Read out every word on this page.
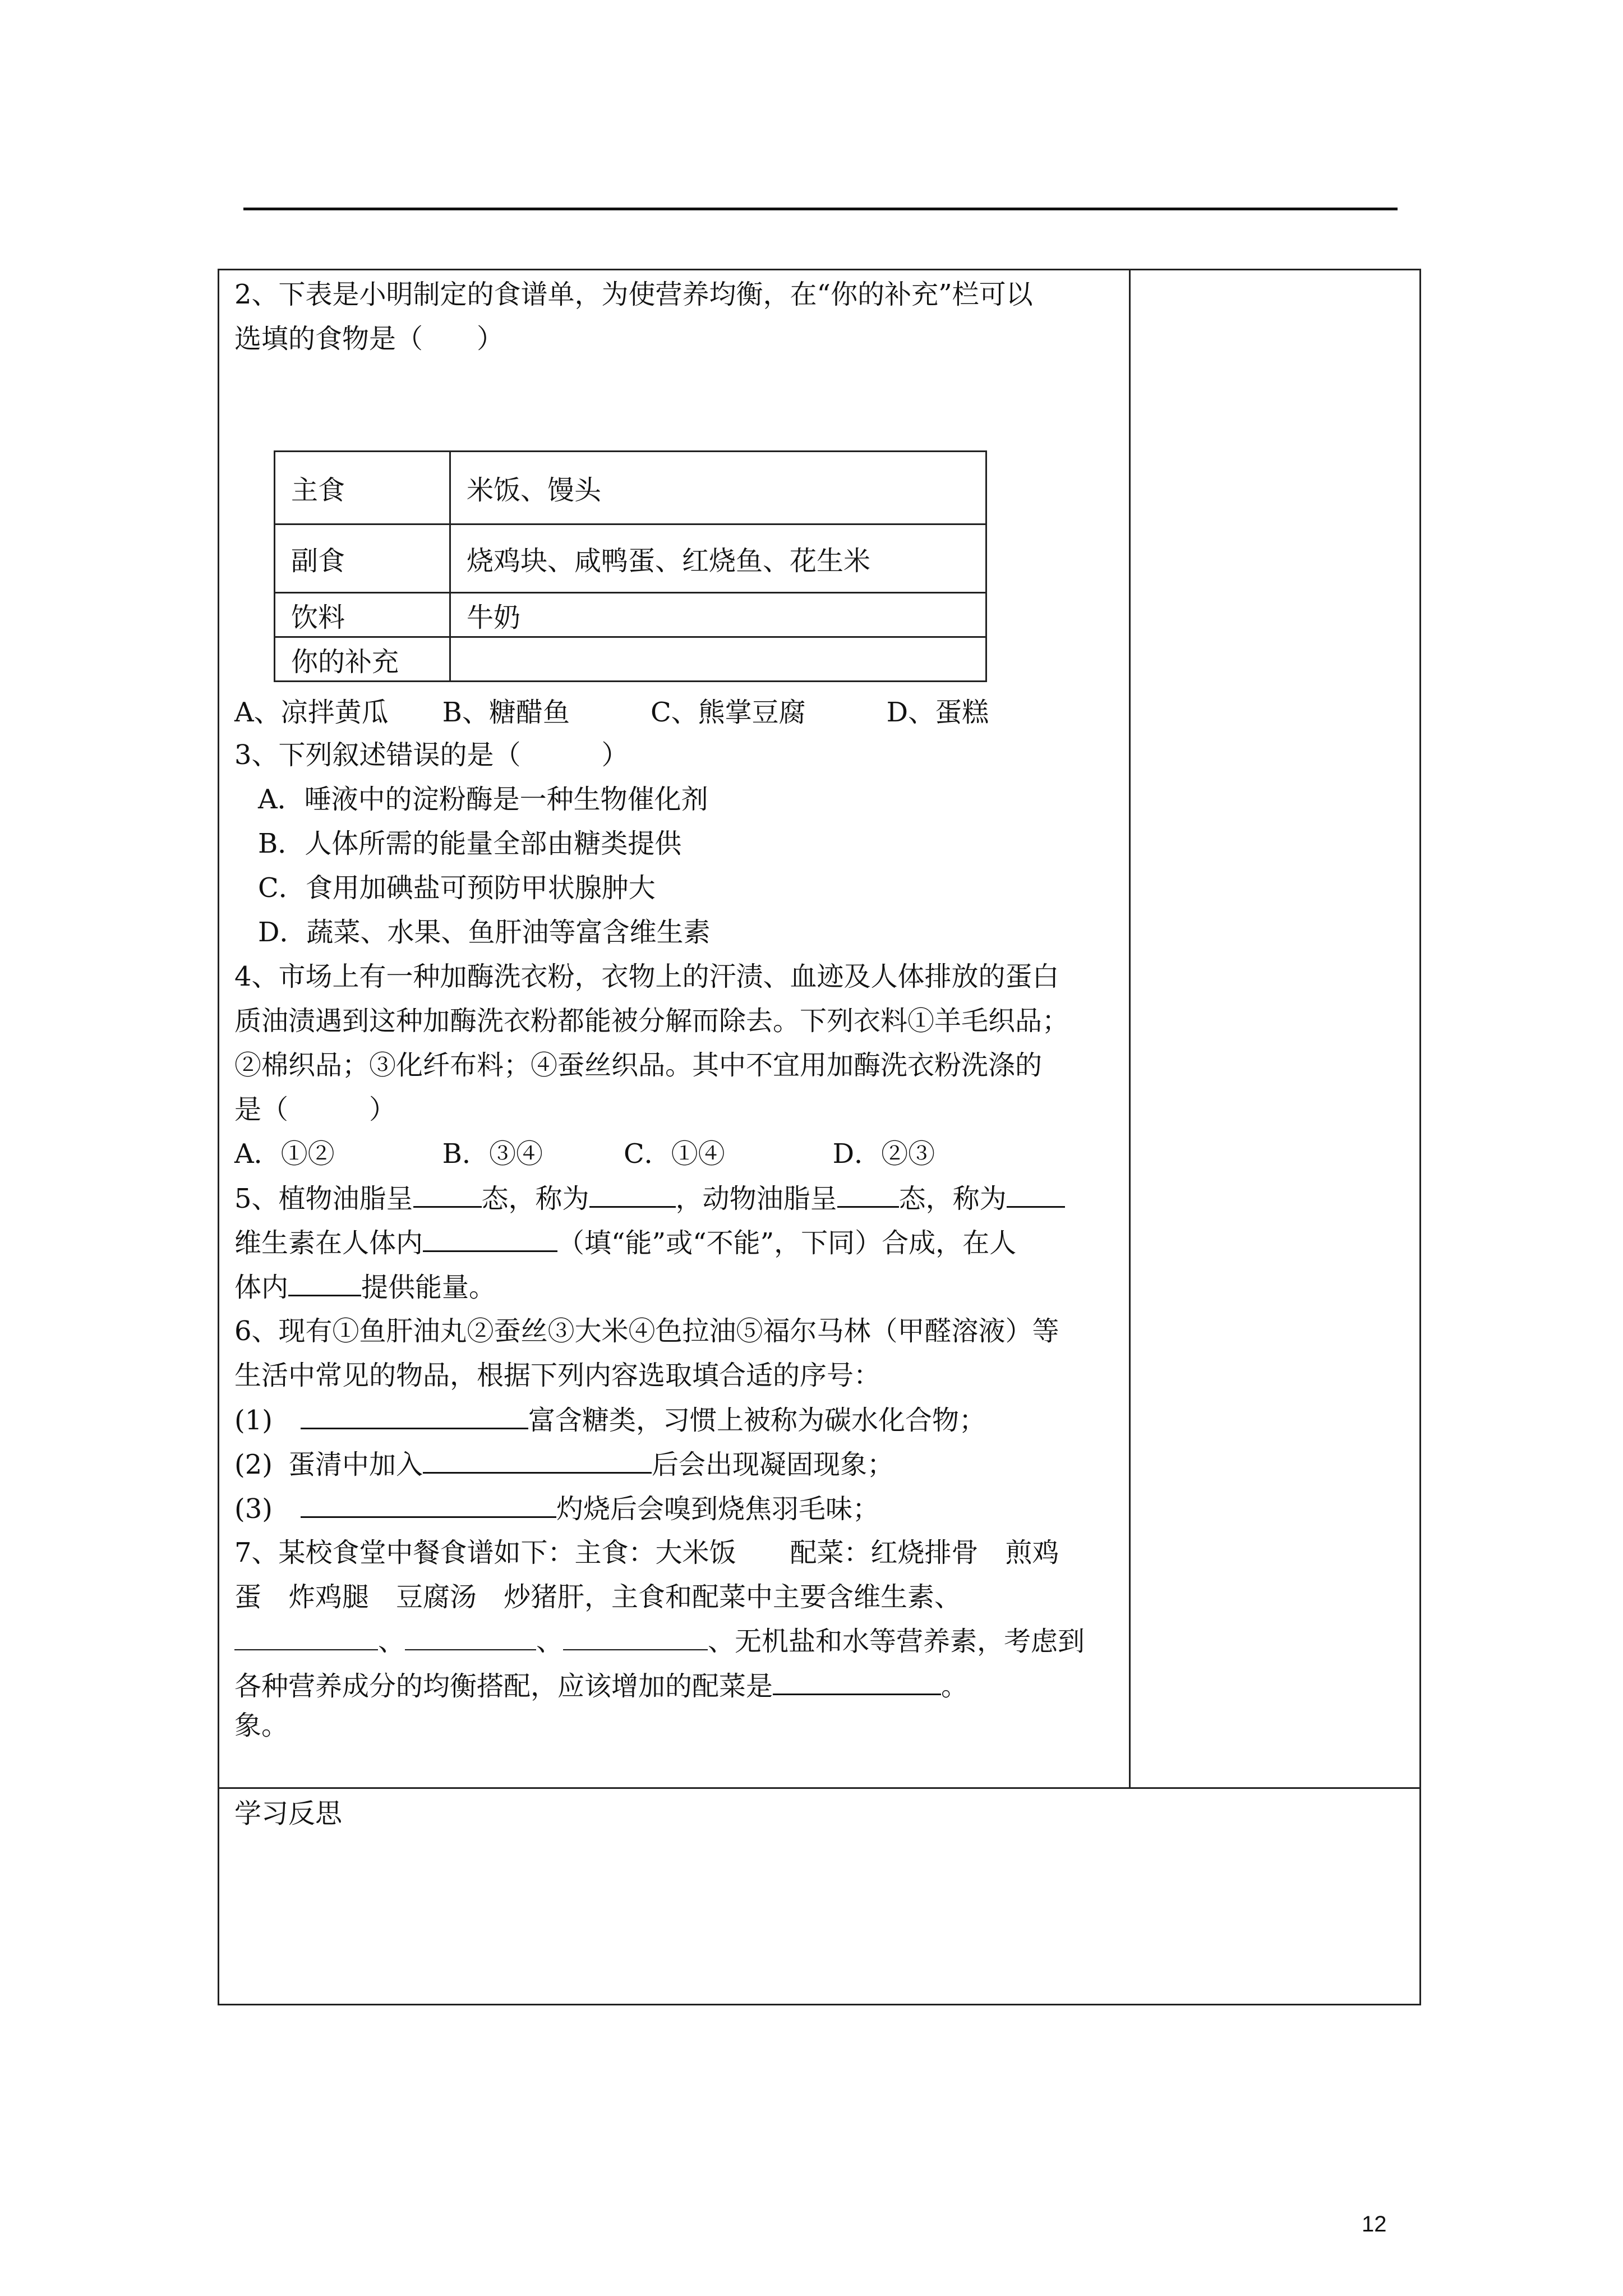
2、下表是小明制定的食谱单，为使营养均衡，在“你的补充”栏可以
选填的食物是（　　）
主食	米饭、馒头
副食	烧鸡块、咸鸭蛋、红烧鱼、花生米
饮料	牛奶
你的补充	
A、凉拌黄瓜　　B、糖醋鱼　　　C、熊掌豆腐　　　D、蛋糕
3、下列叙述错误的是（　　　）
A．唾液中的淀粉酶是一种生物催化剂
B．人体所需的能量全部由糖类提供
C．食用加碘盐可预防甲状腺肿大
D．蔬菜、水果、鱼肝油等富含维生素
4、市场上有一种加酶洗衣粉，衣物上的汗渍、血迹及人体排放的蛋白
质油渍遇到这种加酶洗衣粉都能被分解而除去。下列衣料①羊毛织品；
②棉织品；③化纤布料；④蚕丝织品。其中不宜用加酶洗衣粉洗涤的
是（　　　）
A．①②　　　　B．③④　　　C．①④　　　　D．②③
5、植物油脂呈	态，称为	，动物油脂呈 态，称为
维生素在人体内	（填“能”或“不能”，下同）合成，在人
体内	提供能量。
6、现有①鱼肝油丸②蚕丝③大米④色拉油⑤福尔马林（甲醛溶液）等
生活中常见的物品，根据下列内容选取填合适的序号：
(1)	富含糖类，习惯上被称为碳水化合物；
(2) 蛋清中加入	后会出现凝固现象；
(3)	灼烧后会嗅到烧焦羽毛味；
7、某校食堂中餐食谱如下：主食：大米饭　　配菜：红烧排骨　煎鸡
蛋　炸鸡腿　豆腐汤　炒猪肝，主食和配菜中主要含维生素、
、	、	、无机盐和水等营养素，考虑到
各种营养成分的均衡搭配，应该增加的配菜是	。
象。
学习反思
12
